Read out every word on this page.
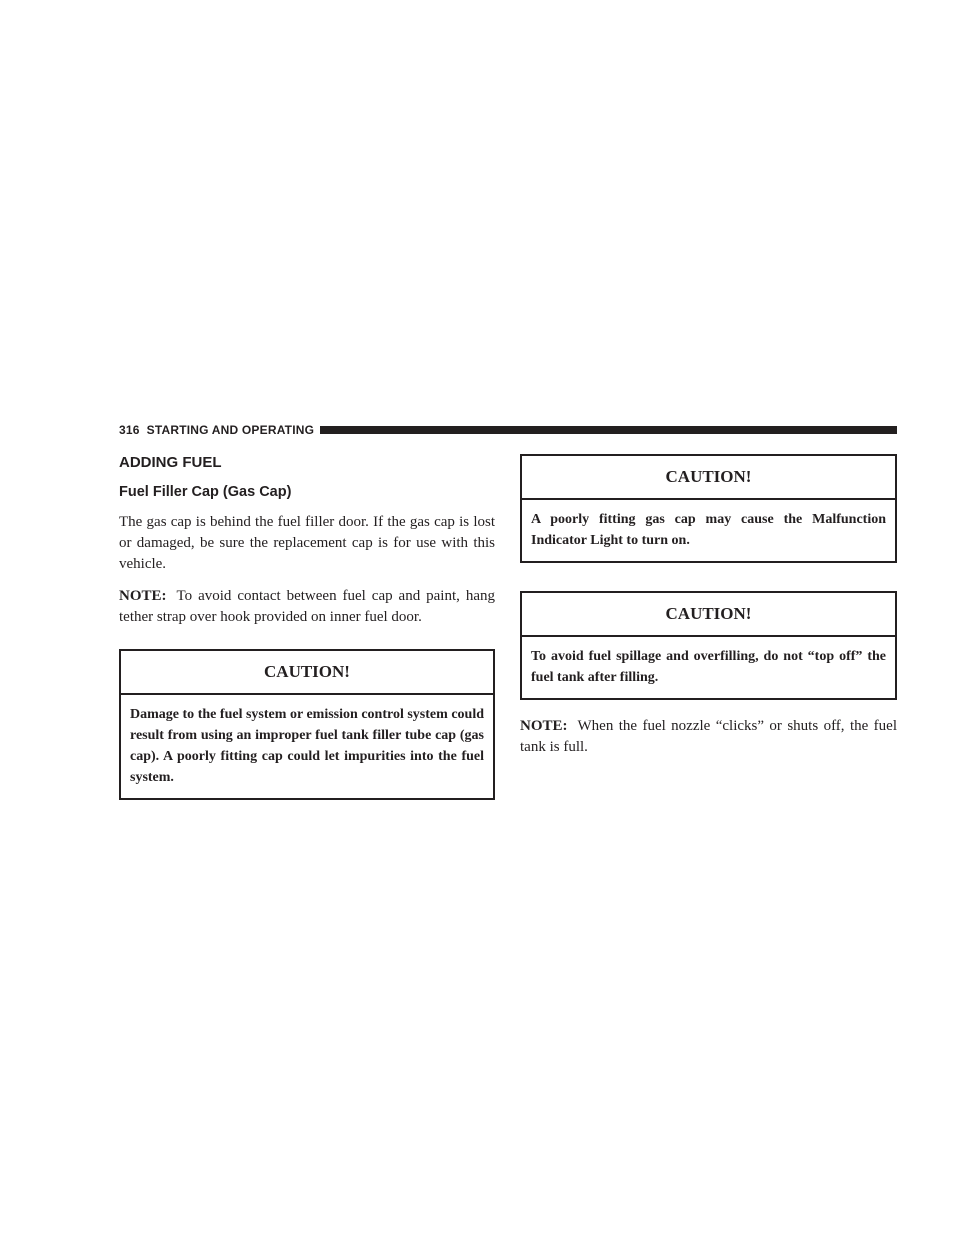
316 STARTING AND OPERATING
ADDING FUEL
Fuel Filler Cap (Gas Cap)

The gas cap is behind the fuel filler door. If the gas cap is lost or damaged, be sure the replacement cap is for use with this vehicle.

NOTE: To avoid contact between fuel cap and paint, hang tether strap over hook provided on inner fuel door.

CAUTION!
Damage to the fuel system or emission control system could result from using an improper fuel tank filler tube cap (gas cap). A poorly fitting cap could let impurities into the fuel system.
CAUTION!
A poorly fitting gas cap may cause the Malfunction Indicator Light to turn on.
CAUTION!
To avoid fuel spillage and overfilling, do not “top off” the fuel tank after filling.

NOTE: When the fuel nozzle “clicks” or shuts off, the fuel tank is full.
